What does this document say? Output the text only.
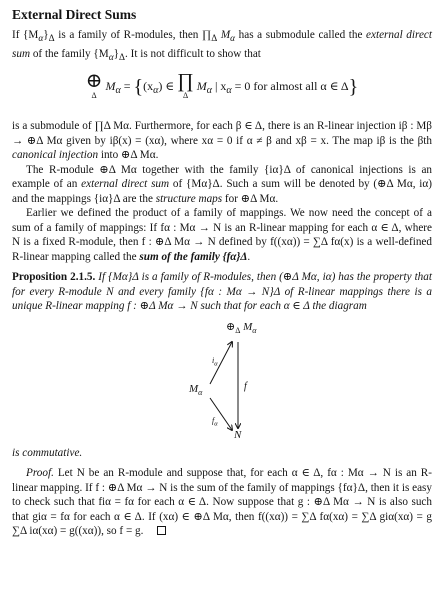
External Direct Sums

If $\{M_\alpha\}_\Delta$ is a family of R-modules, then $\prod_\Delta$ $M_\alpha$ has a submodule called the external direct sum of the family $\{M_\alpha\}_\Delta$. It is not difficult to show that

⊕
Δ
$M_\alpha = \{(x_\alpha)$ ∈ ∏
Δ
$M_\alpha$ | $x_\alpha = 0$ for almost all α ∈ Δ}

is a submodule of ∏Δ Mα. Furthermore, for each β ∈ Δ, there is an R-linear injection iβ : Mβ → ⊕Δ Mα given by iβ(x) = (xα), where xα = 0 if α ≠ β and xβ = x. The map iβ is the βth canonical injection into ⊕Δ Mα.

The R-module ⊕Δ Mα together with the family {iα}Δ of canonical injections is an example of an external direct sum of {Mα}Δ. Such a sum will be denoted by (⊕Δ Mα, iα) and the mappings {iα}Δ are the structure maps for ⊕Δ Mα.

Earlier we defined the product of a family of mappings. We now need the concept of a sum of a family of mappings: If fα : Mα → N is an R-linear mapping for each α ∈ Δ, where N is a fixed R-module, then f : ⊕Δ Mα → N defined by f((xα)) = ∑Δ fα(x) is a well-defined R-linear mapping called the sum of the family {fα}Δ.

Proposition 2.1.5. If {Mα}Δ is a family of R-modules, then (⊕Δ Mα, iα) has the property that for every R-module N and every family {fα : Mα → N}Δ of R-linear mappings there is a unique R-linear mapping f : ⊕Δ Mα → N such that for each α ∈ Δ the diagram

$\oplus_\Delta$ $M_\alpha$
$M_\alpha$
N
$i_\alpha$
$f_\alpha$
f

is commutative.

Proof. Let N be an R-module and suppose that, for each α ∈ Δ, fα : Mα → N is an R-linear mapping. If f : ⊕Δ Mα → N is the sum of the family of mappings {fα}Δ, then it is easy to check such that fiα = fα for each α ∈ Δ. Now suppose that g : ⊕Δ Mα → N is also such that giα = fα for each α ∈ Δ. If (xα) ∈ ⊕Δ Mα, then f((xα)) = ∑Δ fα(xα) = ∑Δ giα(xα) = g ∑Δ iα(xα) = g((xα)), so f = g.
